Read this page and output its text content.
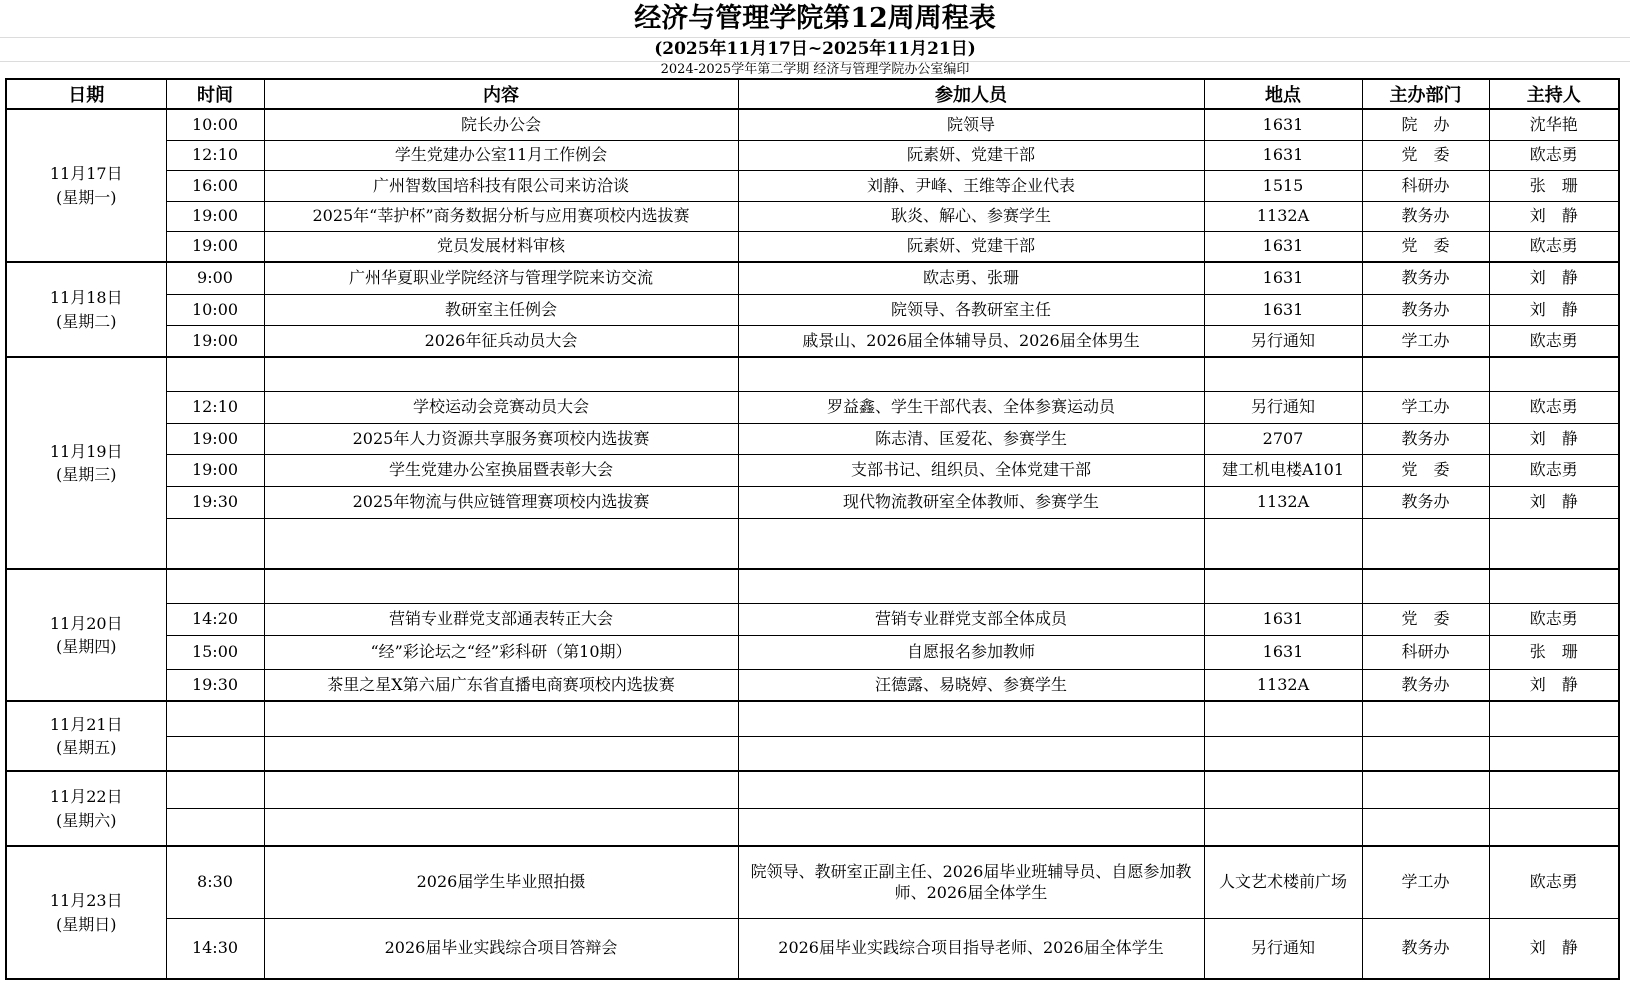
经济与管理学院第12周周程表
(2025年11月17日~2025年11月21日)
2024-2025学年第二学期 经济与管理学院办公室编印
日期	时间	内容	参加人员	地点	主办部门	主持人

11月17日
(星期一)	10:00	院长办公会	院领导	1631	院　办	沈华艳
	12:10	学生党建办公室11月工作例会	阮素妍、党建干部	1631	党　委	欧志勇
	16:00	广州智数国培科技有限公司来访洽谈	刘静、尹峰、王维等企业代表	1515	科研办	张　珊
	19:00	2025年“莘护杯”商务数据分析与应用赛项校内选拔赛	耿炎、解心、参赛学生	1132A	教务办	刘　静
	19:00	党员发展材料审核	阮素妍、党建干部	1631	党　委	欧志勇

11月18日
(星期二)	9:00	广州华夏职业学院经济与管理学院来访交流	欧志勇、张珊	1631	教务办	刘　静
	10:00	教研室主任例会	院领导、各教研室主任	1631	教务办	刘　静
	19:00	2026年征兵动员大会	戚景山、2026届全体辅导员、2026届全体男生	另行通知	学工办	欧志勇

11月19日
(星期三)						

	12:10	学校运动会竞赛动员大会	罗益鑫、学生干部代表、全体参赛运动员	另行通知	学工办	欧志勇
	19:00	2025年人力资源共享服务赛项校内选拔赛	陈志清、匡爱花、参赛学生	2707	教务办	刘　静
	19:00	学生党建办公室换届暨表彰大会	支部书记、组织员、全体党建干部	建工机电楼A101	党　委	欧志勇
	19:30	2025年物流与供应链管理赛项校内选拔赛	现代物流教研室全体教师、参赛学生	1132A	教务办	刘　静

11月20日
(星期四)						

	14:20	营销专业群党支部通表转正大会	营销专业群党支部全体成员	1631	党　委	欧志勇
	15:00	“经”彩论坛之“经”彩科研（第10期）	自愿报名参加教师	1631	科研办	张　珊
	19:30	茶里之星X第六届广东省直播电商赛项校内选拔赛	汪德露、易晓婷、参赛学生	1132A	教务办	刘　静

11月21日
(星期五)						

11月22日
(星期六)						

11月23日
(星期日)	8:30	2026届学生毕业照拍摄	院领导、教研室正副主任、2026届毕业班辅导员、自愿参加教师、2026届全体学生	人文艺术楼前广场	学工办	欧志勇
	14:30	2026届毕业实践综合项目答辩会	2026届毕业实践综合项目指导老师、2026届全体学生	另行通知	教务办	刘　静
